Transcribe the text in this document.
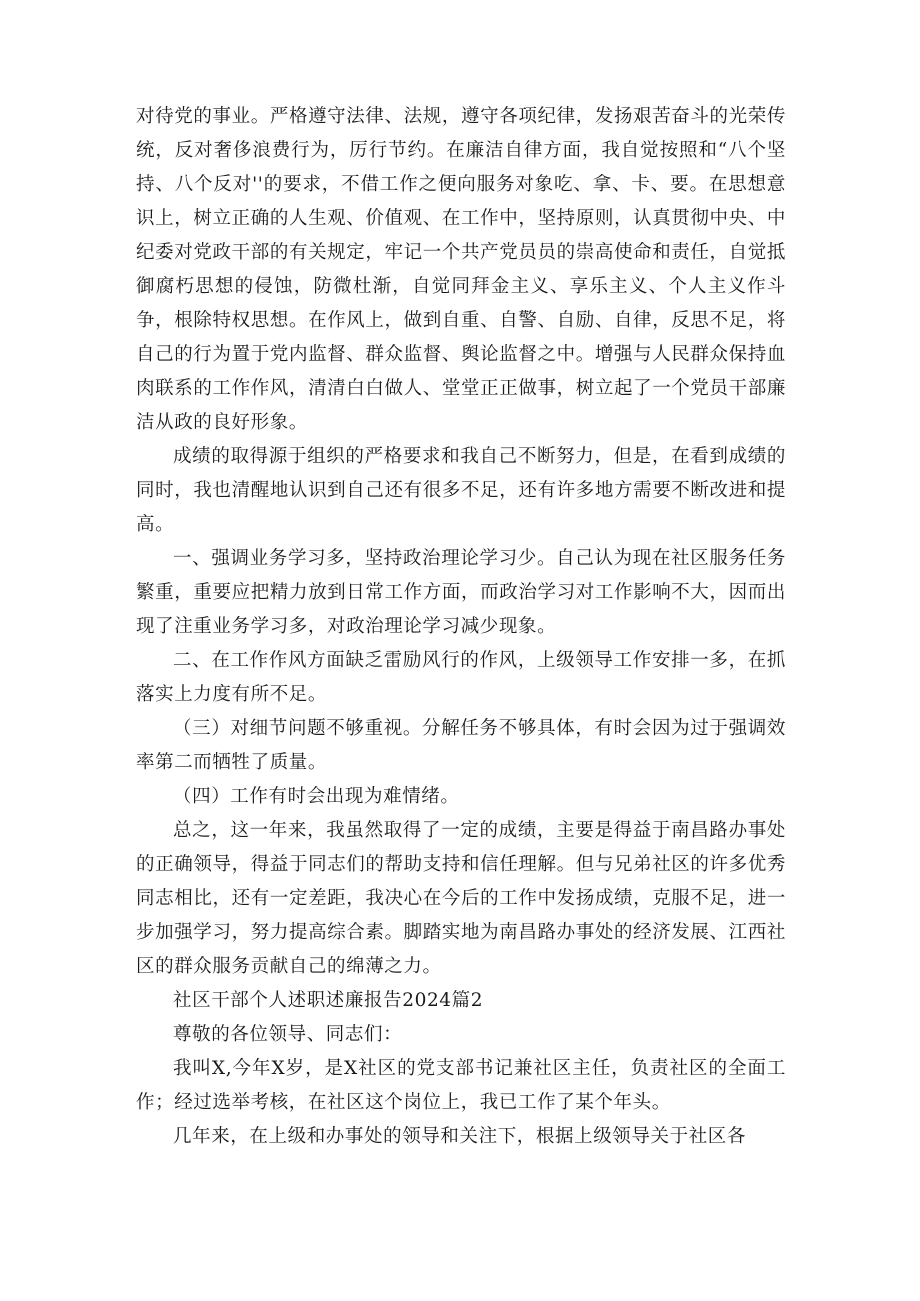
对待党的事业。严格遵守法律、法规，遵守各项纪律，发扬艰苦奋斗的光荣传统，反对奢侈浪费行为，厉行节约。在廉洁自律方面，我自觉按照和“八个坚持、八个反对''的要求，不借工作之便向服务对象吃、拿、卡、要。在思想意识上，树立正确的人生观、价值观、在工作中，坚持原则，认真贯彻中央、中纪委对党政干部的有关规定，牢记一个共产党员员的崇高使命和责任，自觉抵御腐朽思想的侵蚀，防微杜渐，自觉同拜金主义、享乐主义、个人主义作斗争，根除特权思想。在作风上，做到自重、自警、自励、自律，反思不足，将自己的行为置于党内监督、群众监督、舆论监督之中。增强与人民群众保持血肉联系的工作作风，清清白白做人、堂堂正正做事，树立起了一个党员干部廉洁从政的良好形象。

成绩的取得源于组织的严格要求和我自己不断努力，但是，在看到成绩的同时，我也清醒地认识到自己还有很多不足，还有许多地方需要不断改进和提高。

一、强调业务学习多，坚持政治理论学习少。自己认为现在社区服务任务繁重，重要应把精力放到日常工作方面，而政治学习对工作影响不大，因而出现了注重业务学习多，对政治理论学习减少现象。

二、在工作作风方面缺乏雷励风行的作风，上级领导工作安排一多，在抓落实上力度有所不足。

（三）对细节问题不够重视。分解任务不够具体，有时会因为过于强调效率第二而牺牲了质量。

（四）工作有时会出现为难情绪。

总之，这一年来，我虽然取得了一定的成绩，主要是得益于南昌路办事处的正确领导，得益于同志们的帮助支持和信任理解。但与兄弟社区的许多优秀同志相比，还有一定差距，我决心在今后的工作中发扬成绩，克服不足，进一步加强学习，努力提高综合素。脚踏实地为南昌路办事处的经济发展、江西社区的群众服务贡献自己的绵薄之力。

社区干部个人述职述廉报告2024篇2

尊敬的各位领导、同志们：

我叫X,今年X岁，是X社区的党支部书记兼社区主任，负责社区的全面工作；经过选举考核，在社区这个岗位上，我已工作了某个年头。

几年来，在上级和办事处的领导和关注下，根据上级领导关于社区各
